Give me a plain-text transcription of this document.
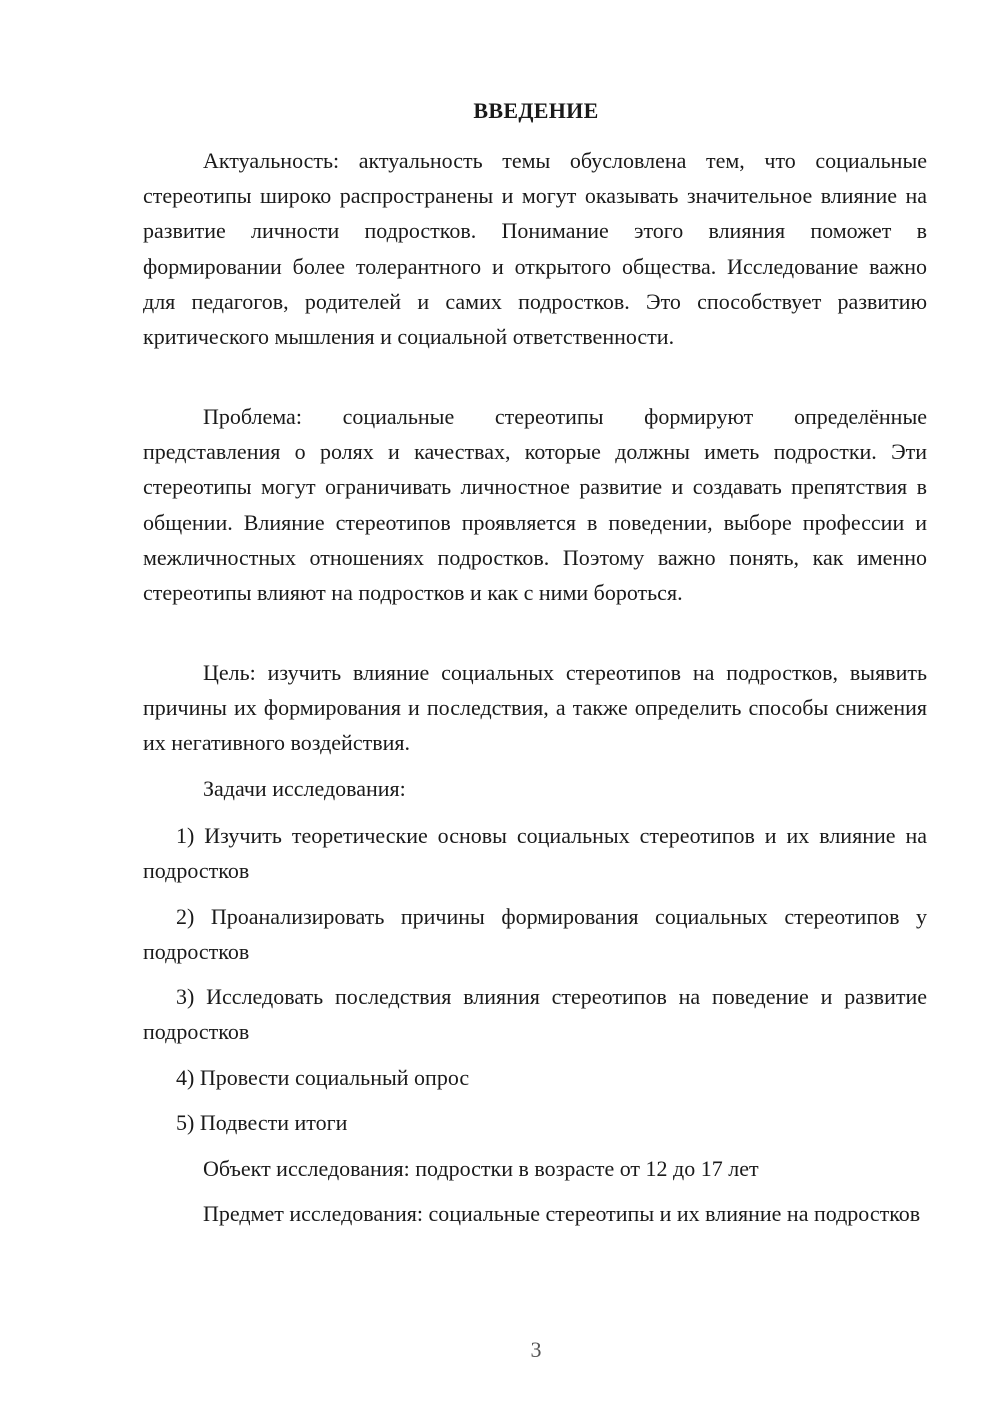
ВВЕДЕНИЕ

Актуальность: актуальность темы обусловлена тем, что социальные стереотипы широко распространены и могут оказывать значительное влияние на развитие личности подростков. Понимание этого влияния поможет в формировании более толерантного и открытого общества. Исследование важно для педагогов, родителей и самих подростков. Это способствует развитию критического мышления и социальной ответственности.

Проблема: социальные стереотипы формируют определённые представления о ролях и качествах, которые должны иметь подростки. Эти стереотипы могут ограничивать личностное развитие и создавать препятствия в общении. Влияние стереотипов проявляется в поведении, выборе профессии и межличностных отношениях подростков. Поэтому важно понять, как именно стереотипы влияют на подростков и как с ними бороться.

Цель: изучить влияние социальных стереотипов на подростков, выявить причины их формирования и последствия, а также определить способы снижения их негативного воздействия.

Задачи исследования:

1) Изучить теоретические основы социальных стереотипов и их влияние на подростков

2) Проанализировать причины формирования социальных стереотипов у подростков

3) Исследовать последствия влияния стереотипов на поведение и развитие подростков

4) Провести социальный опрос

5) Подвести итоги

Объект исследования: подростки в возрасте от 12 до 17 лет

Предмет исследования: социальные стереотипы и их влияние на подростков

3
